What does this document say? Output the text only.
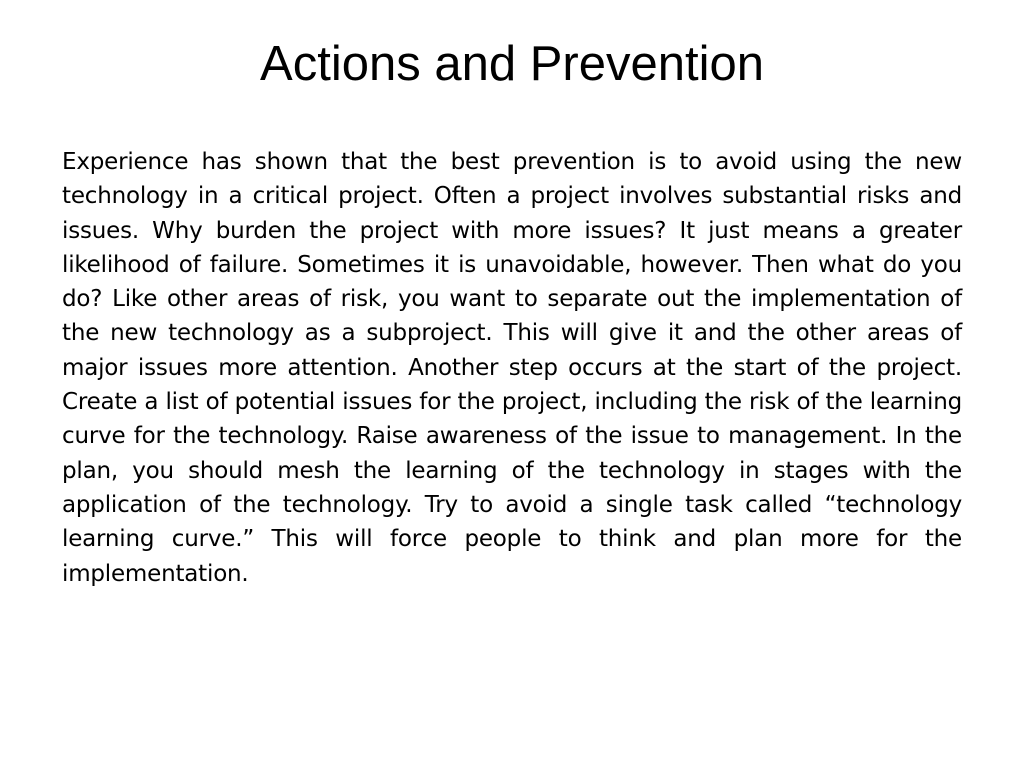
Actions and Prevention

Experience has shown that the best prevention is to avoid using the new technology in a critical project. Often a project involves substantial risks and issues. Why burden the project with more issues? It just means a greater likelihood of failure. Sometimes it is unavoidable, however. Then what do you do? Like other areas of risk, you want to separate out the implementation of the new technology as a subproject. This will give it and the other areas of major issues more attention. Another step occurs at the start of the project. Create a list of potential issues for the project, including the risk of the learning curve for the technology. Raise awareness of the issue to management. In the plan, you should mesh the learning of the technology in stages with the application of the technology. Try to avoid a single task called “technology learning curve.” This will force people to think and plan more for the implementation.
